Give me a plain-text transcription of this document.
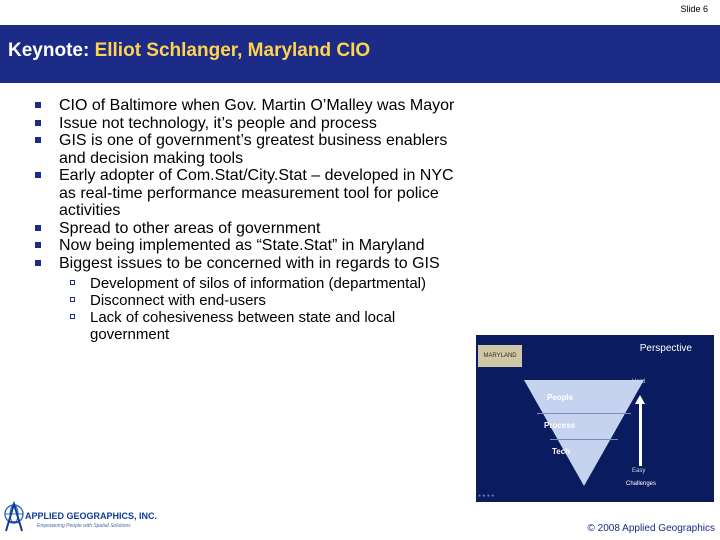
Slide 6
Keynote: Elliot Schlanger, Maryland CIO
CIO of Baltimore when Gov. Martin O’Malley was Mayor
Issue not technology, it’s people and process
GIS is one of government’s greatest business enablers and decision making tools
Early adopter of Com.Stat/City.Stat – developed in NYC as real-time performance measurement tool for police activities
Spread to other areas of government
Now being implemented as “State.Stat” in Maryland
Biggest issues to be concerned with in regards to GIS
Development of silos of information (departmental)
Disconnect with end-users
Lack of cohesiveness between state and local government
MARYLAND
Perspective
People
Process
Tech
Hard
Easy
Challenges
● ● ● ●
APPLIED GEOGRAPHICS, INC.
Empowering People with Spatial Solutions	© 2008 Applied Geographics
